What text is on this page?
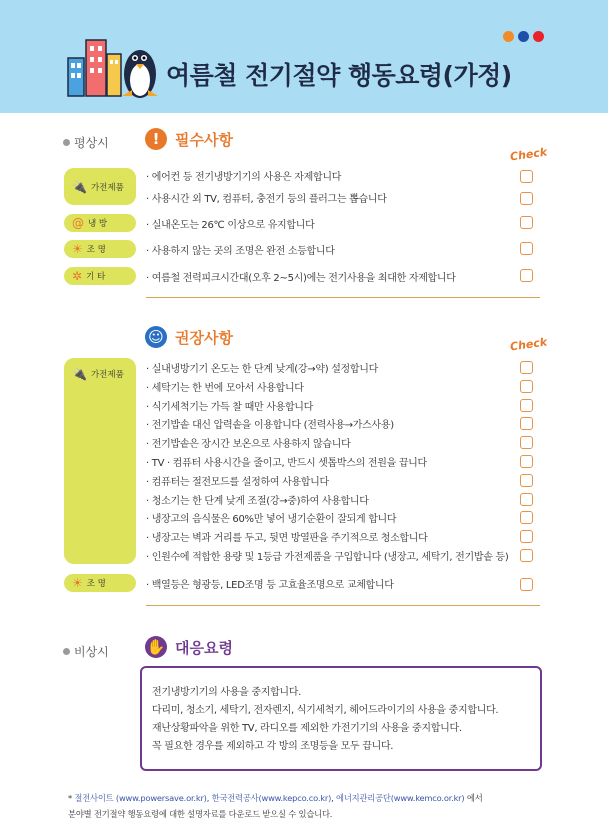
여름철 전기절약 행동요령(가정)
평상시	!	필수사항
Check
🔌 가전제품
· 에어컨 등 전기냉방기기의 사용은 자제합니다
· 사용시간 외 TV, 컴퓨터, 충전기 등의 플러그는 뽑습니다
@ 냉 방	· 실내온도는 26℃ 이상으로 유지합니다
☀ 조 명	· 사용하지 않는 곳의 조명은 완전 소등합니다
✲ 기 타	· 여름철 전력피크시간대(오후 2~5시)에는 전기사용을 최대한 자제합니다
☺ 권장사항	Check
🔌 가전제품 · 실내냉방기기 온도는 한 단계 낮게(강→약) 설정합니다
· 세탁기는 한 번에 모아서 사용합니다
· 식기세척기는 가득 찰 때만 사용합니다
· 전기밥솥 대신 압력솥을 이용합니다 (전력사용→가스사용)
· 전기밥솥은 장시간 보온으로 사용하지 않습니다
· TV · 컴퓨터 사용시간을 줄이고, 반드시 셋톱박스의 전원을 끕니다
· 컴퓨터는 절전모드를 설정하여 사용합니다
· 청소기는 한 단계 낮게 조절(강→중)하여 사용합니다
· 냉장고의 음식물은 60%만 넣어 냉기순환이 잘되게 합니다
· 냉장고는 벽과 거리를 두고, 뒷면 방열판을 주기적으로 청소합니다
· 인원수에 적합한 용량 및 1등급 가전제품을 구입합니다 (냉장고, 세탁기, 전기밥솥 등)
☀ 조 명	· 백열등은 형광등, LED조명 등 고효율조명으로 교체합니다
비상시	✋ 대응요령
전기냉방기기의 사용을 중지합니다.
다리미, 청소기, 세탁기, 전자렌지, 식기세척기, 헤어드라이기의 사용을 중지합니다.
재난상황파악을 위한 TV, 라디오를 제외한 가전기기의 사용을 중지합니다.
꼭 필요한 경우를 제외하고 각 방의 조명등을 모두 끕니다.
* 절전사이트 (www.powersave.or.kr), 한국전력공사(www.kepco.co.kr), 에너지관리공단(www.kemco.or.kr) 에서
분야별 전기절약 행동요령에 대한 설명자료를 다운로드 받으실 수 있습니다.
